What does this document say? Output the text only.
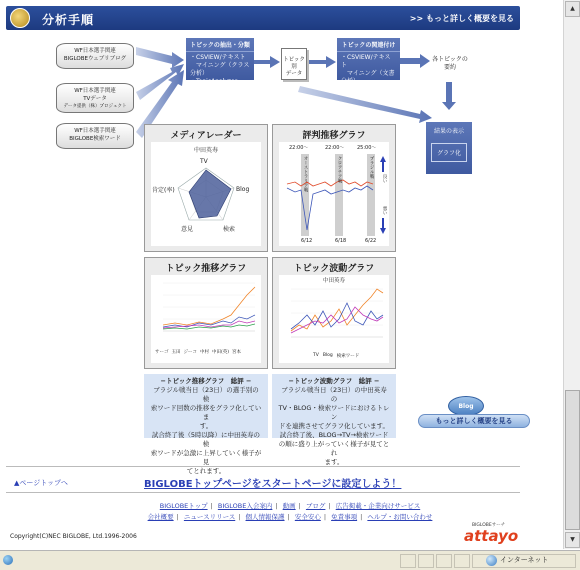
分析手順	>> もっと詳しく概要を見る
WF日本選手関連
BIGLOBEウェブリブログ
WF日本選手関連
TVデータ
データ提供（株）プロジェクト
WF日本選手関連
BIGLOBE検索ワード
トピックの抽出・分類
・CSVIEW/テキスト
　マイニング（クラス分析）
・TopicAnalyzer
トピック別
データ
トピックの関連付け
・CSVIEW/テキスト
　マイニング（文書分析）
・評判分析
各トピックの
要約
結果の表示
グラフ化
メディアレーダー
中田英寿
TV
Blog
検索
意見
肯定(率)
評判推移グラフ
22:00〜	22:00〜	25:00〜
オーストラリア戦	クロアチア戦	ブラジル戦 良い
悪い
6/12	6/18	6/22
トピック推移グラフ
サーゴ 玉田 ジーコ 中村 中田(英) 宮本
トピック波動グラフ
中田英寿
TV Blog 検索ワード
−トピック推移グラフ　総評 −
ブラジル戦当日（23日）の選手別の検
索ワード回数の推移をグラフ化していま
す。
試合終了後（5時以降）に中田英寿の検
索ワードが急激に上昇していく様子が見
てとれます。
−トピック波動グラフ　総評 −
ブラジル戦当日（23日）の中田英寿の
TV・BLOG・検索ワードにおけるトレン
ドを連携させてグラフ化しています。
試合終了後、BLOG→TV→検索ワード
の順に盛り上がっていく様子が見てとれ
ます。
Blog
もっと詳しく概要を見る
▲ページトップへ	BIGLOBEトップページをスタートページに設定しよう！
BIGLOBEトップ | BIGLOBE入会案内 | 動画 | ブログ | 広告掲載・企業向けサービス
会社概要 | ニュースリリース | 個人情報保護 | 安全安心 | 免責事項 | ヘルプ・お問い合わせ
Copyright(C)NEC BIGLOBE, Ltd.1996-2006
BIGLOBEサーチ
attayo
▲
▼
インターネット
